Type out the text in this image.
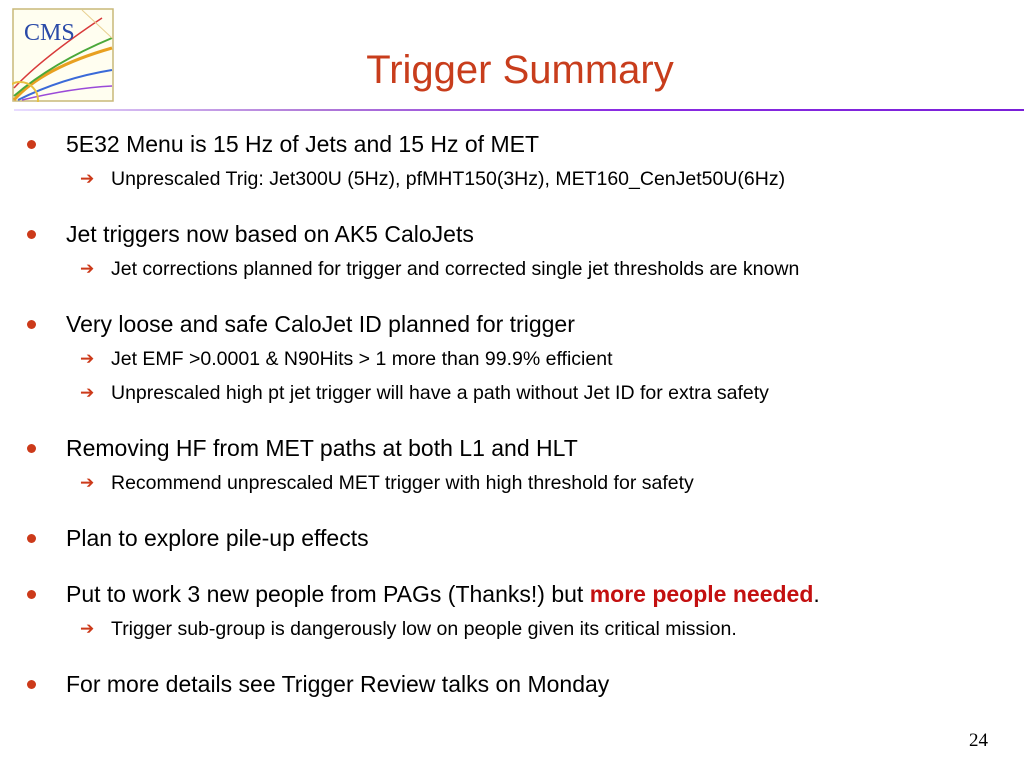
CMS
Trigger Summary
5E32 Menu is 15 Hz of Jets and 15 Hz of MET
➔ Unprescaled Trig: Jet300U (5Hz), pfMHT150(3Hz), MET160_CenJet50U(6Hz)
Jet triggers now based on AK5 CaloJets
➔ Jet corrections planned for trigger and corrected single jet thresholds are known
Very loose and safe CaloJet ID planned for trigger
➔ Jet EMF >0.0001 & N90Hits > 1 more than 99.9% efficient
➔ Unprescaled high pt jet trigger will have a path without Jet ID for extra safety
Removing HF from MET paths at both L1 and HLT
➔ Recommend unprescaled MET trigger with high threshold for safety
Plan to explore pile-up effects
Put to work 3 new people from PAGs (Thanks!) but more people needed.
➔ Trigger sub-group is dangerously low on people given its critical mission.
For more details see Trigger Review talks on Monday
24
